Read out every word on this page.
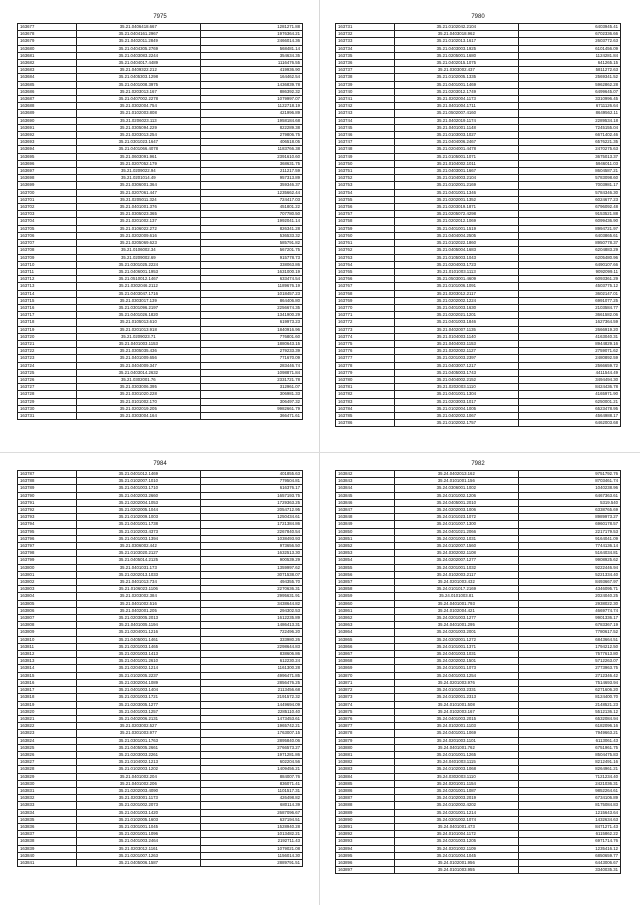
7975
163677	35.21.0406418.667	1281271.88
163678	35.21.0404161.2967	1976364.21
163679	35.21.0402011.2849	2466014.36
163680	35.21.0404305.2769	568481.14
163681	35.21.0403083.2244	354634.35
163682	35.21.0404017.4489	1116476.55
163683	35.21.0409322.212	419936.90
163684	35.21.0405303.1298	164462.54
163685	35.21.0401008.3975	1436839.78
163686	35.21.0203013.167	886392.32
163687	35.21.0407002.2278	1079997.07
163688	35.21.0302004.754	1122718.19
163689	35.21.0102003.808	421996.89
163690	35.21.0206023.113	1958184.68
163691	35.21.0305094.229	822289.38
163692	35.21.0203013.254	279806.75
163693	35.21.0301023.1647	406518.05
163694	35.21.0401066.4078	1183766.38
163695	35.21.0603091.961	2391610.60
163696	35.21.0207052.179	368631.75
163697	35.21.0209022.94	211217.59
163698	35.21.0201014.49	957313.89
163699	35.21.0306001.364	359346.37
163700	35.21.0207061.447	1235662.44
163701	35.21.0205011.324	724417.03
163702	35.21.0401001.376	451801.22
163703	35.21.0305023.365	707780.50
163704	35.21.0201002.137	1992041.14
163705	35.21.0106022.272	826341.28
163706	35.21.0202009.616	536533.32
163707	35.21.0205069.623	585791.82
163708	35.21.0106002.34	567201.75
163709	35.21.0209002.69	915778.73
163710	35.21.0301025.2224	338063.86
163711	35.21.0406001.1953	1631000.19
163712	35.21.0510012.1467	633474.54
163713	35.21.0302046.2112	1189676.19
163714	35.21.0403047.1716	1018457.23
163715	35.21.0303017.139	864406.80
163716	35.21.0301096.2197	2256674.35
163717	35.21.0401026.1820	1341900.29
163718	35.21.0105013.610	619973.23
163719	35.21.0201013.918	1840916.96
163720	35.21.0209023.71	776801.60
163721	35.21.0401003.1153	1880643.15
163722	35.21.0305035.436	279233.39
163723	35.21.0401009.656	771670.09
163724	35.21.0404009.347	283446.74
163725	35.21.0403014.2632	1098871.84
163726	35.21.0302001.76	2331721.78
163727	35.21.0303006.395	312961.07
163728	35.21.0301020.228	306981.33
163729	35.21.0101002.170	306497.32
163730	35.21.0202019.205	9982661.79
163731	35.21.0303004.164	366471.61
7980
163731	35.21.0102042.2104	6403945.41
163732	35.21.0403018.962	6702336.66
163733	35.21.0102013.1617	2603772.63
163734	35.21.0403003.1925	6101456.09
163735	35.21.0205001.1680	1124281.84
163736	35.21.0402015.1075	641265.15
163737	35.21.0303002.437	5811272.63
163738	35.21.0102005.1335	2569341.52
163739	35.21.0401001.1469	5962862.28
163740	35.21.0203012.1749	6499645.07
163741	35.21.0202004.1173	3310996.45
163742	35.21.0401004.1711	6711126.64
163743	35.21.0502007.4160	8649562.11
163744	35.21.0402019.1174	2289534.18
163745	35.21.0401001.1148	7245155.04
163746	35.21.0103003.1027	6671402.46
163747	35.21.0404006.2467	6576221.35
163748	35.21.0204001.4478	2470275.63
163749	35.21.0105001.1071	3675013.37
163750	35.21.0104002.1011	5946011.03
163751	35.21.0403001.1667	8604587.21
163752	35.21.0104003.2104	5783098.60
163753	35.21.0102001.2169	7003981.17
163754	35.21.0401001.1346	5784346.30
163755	35.21.0202001.1352	6024677.23
163756	35.21.0203019.1871	6796092.48
163757	35.21.0205072.4298	9153521.88
163758	35.21.0202012.1069	6099436.90
163759	35.21.0401001.1519	8994721.97
163760	35.21.0404004.2505	6403865.61
163761	35.21.0102022.1860	8950778.37
163762	35.21.0405004.1683	6204883.29
163763	35.21.0105003.1043	6205480.96
163764	35.21.0204003.1723	6490107.66
163765	35.21.0101003.1113	9092099.11
163766	35.21.0503001.4609	6093361.29
163767	35.21.0101006.1091	4503775.12
163768	35.21.0203012.2117	3602147.01
163769	35.21.0202002.1224	6991077.25
163770	35.21.0401003.1630	2103584.77
163771	35.21.0202021.1201	3661582.06
163772	35.21.0401003.1846	1627364.59
163773	35.21.0402007.1135	2666919.20
163774	35.21.0104003.1140	4163040.31
163775	35.21.0404003.1153	8944829.16
163776	35.21.0202002.1127	2759071.62
163777	35.21.0201003.2397	2480892.59
163778	35.21.0403007.1217	2566659.72
163779	35.21.0405003.1743	4411544.49
163780	35.21.0404002.2152	3494494.30
163781	35.21.0202003.1110	8424436.78
163782	35.21.0401001.1304	4165971.90
163783	35.21.0203003.1017	6250001.21
163784	35.21.0102004.1005	6523478.95
163785	35.21.0402002.1067	4564988.17
163786	35.21.0102002.1757	6462003.68
7984
163787	35.21.0401012.1469	401855.63
163788	35.21.0102007.1010	779504.81
163789	35.21.0401003.1710	616376.17
163790	35.21.0402003.2660	1657193.75
163791	35.21.0202004.1053	1729363.25
163792	35.21.0202005.1044	2054712.95
163793	35.21.0102009.1003	1250434.61
163794	35.21.0401001.1738	1721384.86
163795	35.21.0102003.4373	2267840.54
163796	35.21.0401003.1394	1038493.93
163797	35.21.0306002.442	973656.50
163798	35.21.0103020.2127	1632513.30
163799	35.21.0405014.2125	900539.29
163800	35.21.0401031.173	1359997.62
163801	35.21.0202013.1033	3071538.07
163802	35.21.0401013.734	494355.70
163803	35.21.0106023.1106	2270636.31
163804	35.21.0203002.384	2995631.91
163805	35.21.0401002.516	3438644.82
163806	35.21.0402001.205	294302.53
163807	35.21.0203005.2013	1612235.89
163808	35.21.0401005.1194	1486413.31
163809	35.21.0204001.1216	722496.20
163810	35.21.0405001.1461	333980.26
163811	35.21.0201003.1465	2298644.83
163812	35.21.0201003.1413	838606.86
163813	35.21.0401001.2610	612230.24
163814	35.21.0204002.1214	1161300.28
163815	35.21.0102005.2237	4996471.85
163816	35.21.0302004.1089	2856476.25
163817	35.21.0401003.1404	2113456.68
163818	35.21.0201003.1721	2191572.32
163819	35.21.0203005.1277	1449694.09
163820	35.21.0401003.1257	2285110.40
163821	35.21.0402006.2131	1473453.61
163822	35.21.0203002.527	1965742.21
163823	35.21.0301003.977	1763007.15
163824	35.21.0301001.1763	2895840.06
163825	35.21.0405005.2661	2766573.27
163826	35.21.0203003.2261	1971281.86
163827	35.21.0104002.1213	602204.56
163828	35.21.0102003.1202	1409456.21
163829	35.21.0401002.204	884007.76
163830	35.21.0401002.206	836071.41
163831	35.21.0202003.4090	1101517.31
163832	35.21.0203001.1173	426498.82
163833	35.21.0201002.2073	680114.39
163834	35.21.0401003.1420	2687096.67
163835	35.21.0102005.1603	637194.51
163836	35.21.0301001.1045	1528940.28
163837	35.21.0201001.1096	1013482.21
163838	35.21.0401003.2464	2192711.43
163839	35.21.0203012.1161	1079021.08
163840	35.21.0201007.1263	1156014.30
163841	35.21.0405006.1587	2889791.51
7982
163842	35.24.0402013.162	9751792.76
163843	35.24.0101001.156	8703461.74
163844	35.24.0306001.1002	1040238.96
163845	35.24.0101002.1206	6467363.61
163846	35.24.0405001.2010	5319.540
163847	35.24.0202003.1006	6338765.69
163848	35.24.0101023.1072	8989973.27
163849	35.24.0101007.1300	6960178.57
163850	35.24.0401021.2066	2217179.53
163851	35.24.0201002.1031	9164041.09
163852	35.24.0102007.1560	7744136.14
163853	35.24.0302002.1108	5164034.81
163854	35.24.0202007.1277	9908925.62
163855	35.24.0201001.1032	9222446.94
163856	35.24.0102003.2117	5221334.40
163857	35.24.0201003.432	8493667.97
163858	35.24.0101017.2169	4346095.71
163859	35.24.0101003.81	2024040.25
163860	35.24.0401001.793	2938022.30
163861	35.24.0102004.421	4669774.74
163862	35.24.0201003.1277	9901336.17
163863	35.24.0401001.295	6783367.19
163864	35.24.0201003.2001	7780617.52
163865	35.24.0202001.1272	6843664.51
163866	35.24.0101001.1371	1794212.50
163867	35.24.0401003.1031	7577613.80
163868	35.24.0202002.1501	5712263.07
163869	35.24.0101001.1073	2773963.75
163870	35.24.0401003.1254	2712346.42
163871	35.24.0201003.976	7514693.94
163872	35.24.0101003.2331	6271606.20
163873	35.24.0102001.2313	8124400.70
163874	35.24.0101001.508	2148521.23
163875	35.24.0102003.167	5512136.12
163876	35.24.0401003.2015	6532084.94
163877	35.24.0102001.1103	6182096.16
163878	35.24.0401001.1069	7949663.21
163879	35.24.0201003.1101	6113061.43
163880	35.24.0401001.762	6751961.75
163881	35.24.0101001.1265	8504475.83
163882	35.24.0401003.1115	8212491.16
163883	35.24.0102003.1068	8264961.21
163884	35.24.0302003.1110	7121234.40
163885	35.24.0201001.1154	2421036.31
163886	35.24.0201001.1087	9852264.61
163887	35.24.0102003.2019	6734106.89
163888	35.24.0102002.4202	8175084.83
163889	35.24.0201001.1214	1215643.64
163890	35.24.0201002.1074	1432634.63
163891	35.24.0401001.473	8471271.43
163892	35.24.0101004.1172	6115862.22
163893	35.24.0201003.1205	6971714.76
163894	35.24.0201002.1109	1235416.12
163895	35.24.0101004.1045	6850659.77
163896	35.24.0102001.956	6443006.67
163897	35.24.0101003.955	3340035.31
